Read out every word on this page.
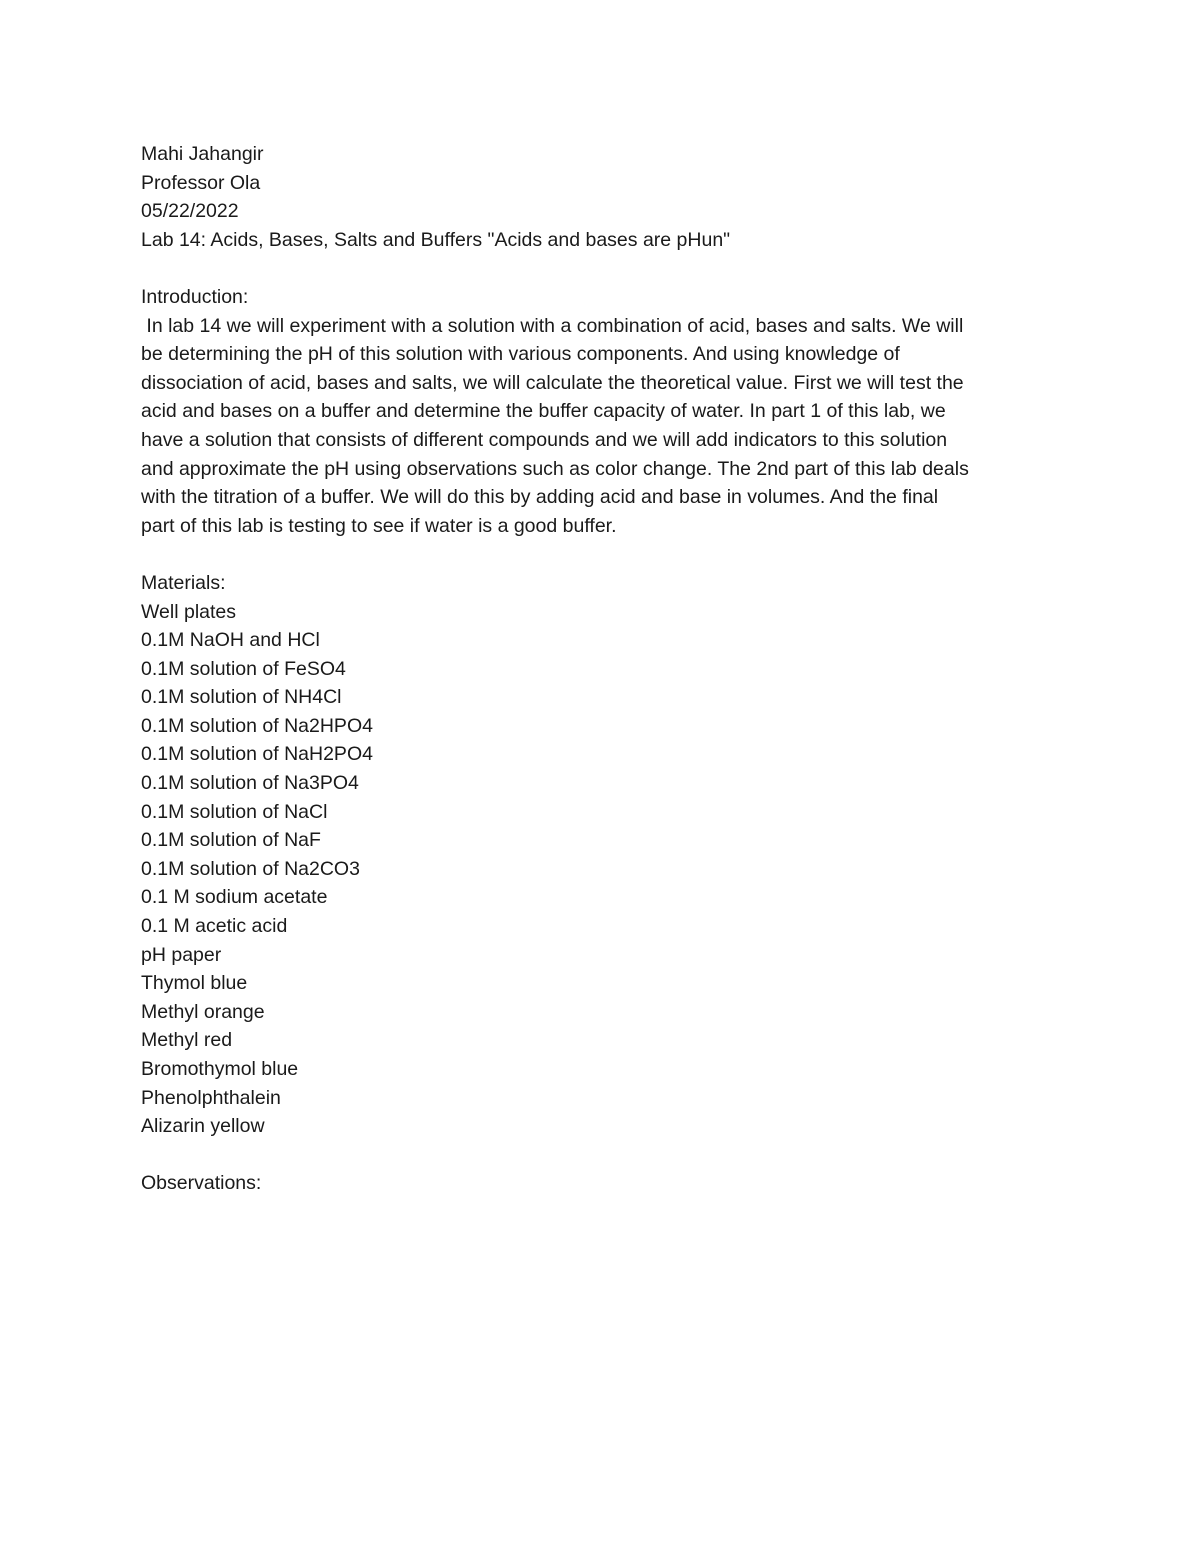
Mahi Jahangir
Professor Ola
05/22/2022
Lab 14: Acids, Bases, Salts and Buffers "Acids and bases are pHun"
Introduction:
In lab 14 we will experiment with a solution with a combination of acid, bases and salts. We will
be determining the pH of this solution with various components. And using knowledge of
dissociation of acid, bases and salts, we will calculate the theoretical value. First we will test the
acid and bases on a buffer and determine the buffer capacity of water. In part 1 of this lab, we
have a solution that consists of different compounds and we will add indicators to this solution
and approximate the pH using observations such as color change. The 2nd part of this lab deals
with the titration of a buffer. We will do this by adding acid and base in volumes. And the final
part of this lab is testing to see if water is a good buffer.
Materials:
Well plates
0.1M NaOH and HCl
0.1M solution of FeSO4
0.1M solution of NH4Cl
0.1M solution of Na2HPO4
0.1M solution of NaH2PO4
0.1M solution of Na3PO4
0.1M solution of NaCl
0.1M solution of NaF
0.1M solution of Na2CO3
0.1 M sodium acetate
0.1 M acetic acid
pH paper
Thymol blue
Methyl orange
Methyl red
Bromothymol blue
Phenolphthalein
Alizarin yellow
Observations:
